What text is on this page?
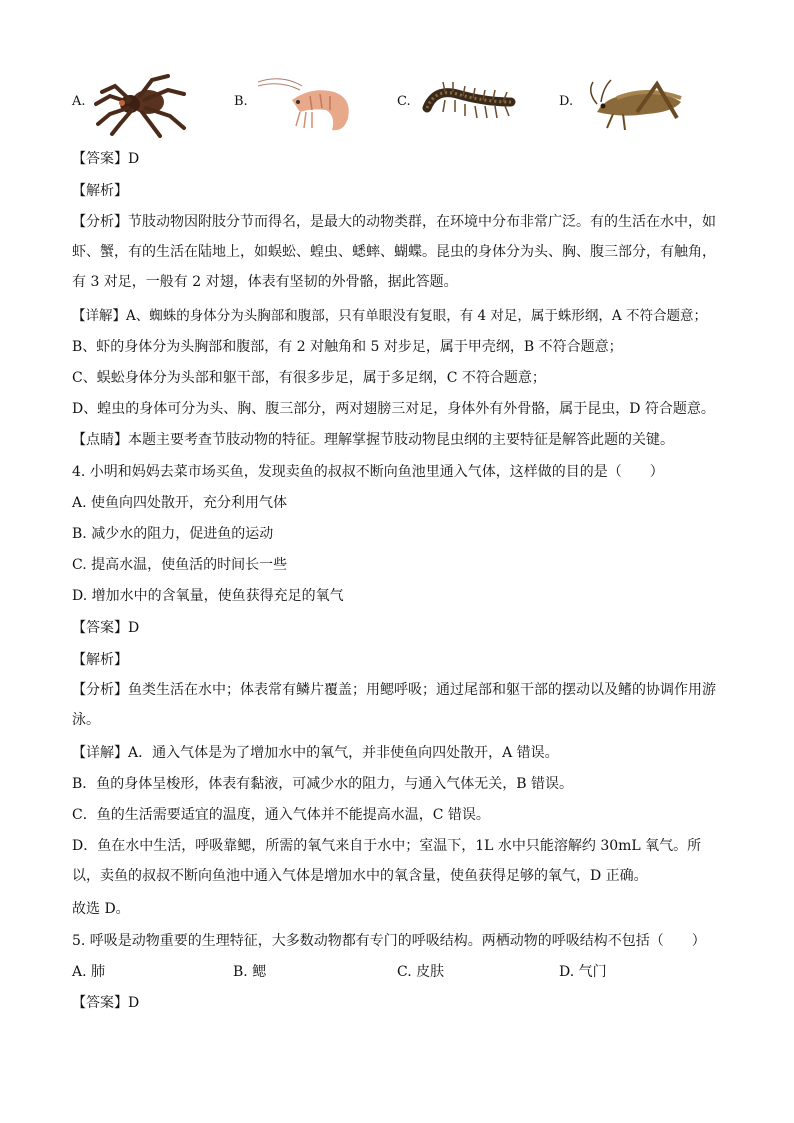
A.	B.	C.	D.
【答案】D
【解析】
【分析】节肢动物因附肢分节而得名，是最大的动物类群，在环境中分布非常广泛。有的生活在水中，如虾、蟹，有的生活在陆地上，如蜈蚣、蝗虫、蟋蟀、蝴蝶。昆虫的身体分为头、胸、腹三部分，有触角，有 3 对足，一般有 2 对翅，体表有坚韧的外骨骼，据此答题。
【详解】A、蜘蛛的身体分为头胸部和腹部，只有单眼没有复眼，有 4 对足，属于蛛形纲，A 不符合题意；
B、虾的身体分为头胸部和腹部，有 2 对触角和 5 对步足，属于甲壳纲，B 不符合题意；
C、蜈蚣身体分为头部和躯干部，有很多步足，属于多足纲，C 不符合题意；
D、蝗虫的身体可分为头、胸、腹三部分，两对翅膀三对足，身体外有外骨骼，属于昆虫，D 符合题意。
【点睛】本题主要考查节肢动物的特征。理解掌握节肢动物昆虫纲的主要特征是解答此题的关键。
4. 小明和妈妈去菜市场买鱼，发现卖鱼的叔叔不断向鱼池里通入气体，这样做的目的是（　　）
A. 使鱼向四处散开，充分利用气体
B. 减少水的阻力，促进鱼的运动
C. 提高水温，使鱼活的时间长一些
D. 增加水中的含氧量，使鱼获得充足的氧气
【答案】D
【解析】
【分析】鱼类生活在水中；体表常有鳞片覆盖；用鳃呼吸；通过尾部和躯干部的摆动以及鳍的协调作用游泳。
【详解】A．通入气体是为了增加水中的氧气，并非使鱼向四处散开，A 错误。
B．鱼的身体呈梭形，体表有黏液，可减少水的阻力，与通入气体无关，B 错误。
C．鱼的生活需要适宜的温度，通入气体并不能提高水温，C 错误。
D．鱼在水中生活，呼吸靠鳃，所需的氧气来自于水中；室温下，1L 水中只能溶解约 30mL 氧气。所以，卖鱼的叔叔不断向鱼池中通入气体是增加水中的氧含量，使鱼获得足够的氧气，D 正确。
故选 D。
5. 呼吸是动物重要的生理特征，大多数动物都有专门的呼吸结构。两栖动物的呼吸结构不包括（　　）
A. 肺	B. 鳃	C. 皮肤	D. 气门
【答案】D
